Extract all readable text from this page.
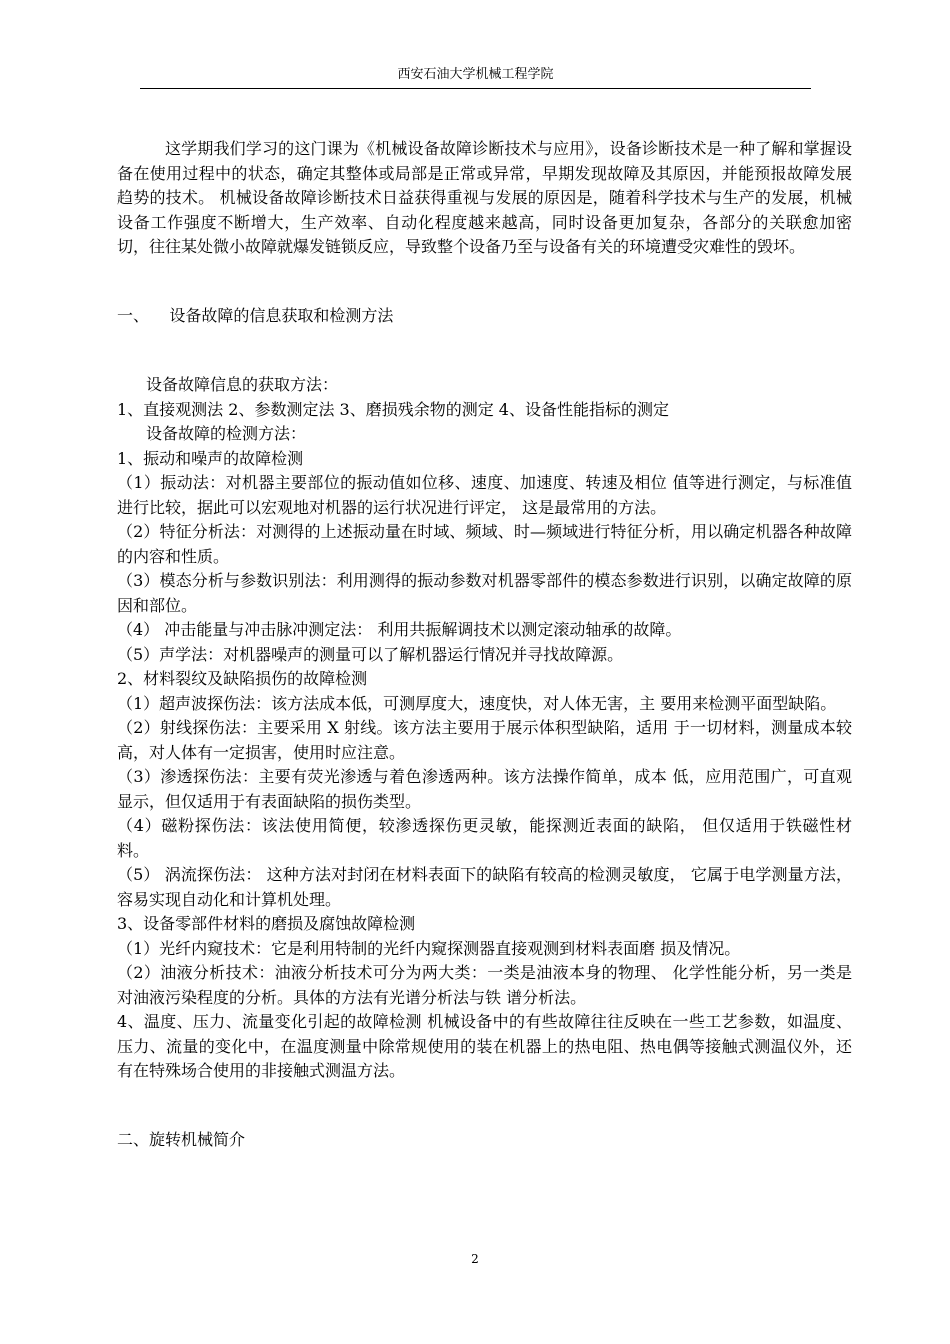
西安石油大学机械工程学院

这学期我们学习的这门课为《机械设备故障诊断技术与应用》，设备诊断技术是一种了解和掌握设备在使用过程中的状态，确定其整体或局部是正常或异常，早期发现故障及其原因，并能预报故障发展趋势的技术。 机械设备故障诊断技术日益获得重视与发展的原因是，随着科学技术与生产的发展，机械设备工作强度不断增大，生产效率、自动化程度越来越高，同时设备更加复杂，各部分的关联愈加密切，往往某处微小故障就爆发链锁反应，导致整个设备乃至与设备有关的环境遭受灾难性的毁坏。

一、    设备故障的信息获取和检测方法

设备故障信息的获取方法：

1、直接观测法 2、参数测定法 3、磨损残余物的测定 4、设备性能指标的测定

设备故障的检测方法：

1、振动和噪声的故障检测

（1）振动法：对机器主要部位的振动值如位移、速度、加速度、转速及相位 值等进行测定，与标准值进行比较，据此可以宏观地对机器的运行状况进行评定， 这是最常用的方法。

（2）特征分析法：对测得的上述振动量在时域、频域、时—频域进行特征分析，用以确定机器各种故障的内容和性质。

（3）模态分析与参数识别法：利用测得的振动参数对机器零部件的模态参数进行识别，以确定故障的原因和部位。

（4） 冲击能量与冲击脉冲测定法： 利用共振解调技术以测定滚动轴承的故障。

（5）声学法：对机器噪声的测量可以了解机器运行情况并寻找故障源。

2、材料裂纹及缺陷损伤的故障检测

（1）超声波探伤法：该方法成本低，可测厚度大，速度快，对人体无害，主 要用来检测平面型缺陷。

（2）射线探伤法：主要采用 X 射线。该方法主要用于展示体积型缺陷，适用 于一切材料，测量成本较高，对人体有一定损害，使用时应注意。

（3）渗透探伤法：主要有荧光渗透与着色渗透两种。该方法操作简单，成本 低，应用范围广，可直观显示，但仅适用于有表面缺陷的损伤类型。

（4）磁粉探伤法：该法使用简便，较渗透探伤更灵敏，能探测近表面的缺陷， 但仅适用于铁磁性材料。

（5） 涡流探伤法： 这种方法对封闭在材料表面下的缺陷有较高的检测灵敏度， 它属于电学测量方法，容易实现自动化和计算机处理。

3、设备零部件材料的磨损及腐蚀故障检测

（1）光纤内窥技术：它是利用特制的光纤内窥探测器直接观测到材料表面磨 损及情况。

（2）油液分析技术：油液分析技术可分为两大类：一类是油液本身的物理、 化学性能分析，另一类是对油液污染程度的分析。具体的方法有光谱分析法与铁 谱分析法。

4、温度、压力、流量变化引起的故障检测 机械设备中的有些故障往往反映在一些工艺参数，如温度、压力、流量的变化中，在温度测量中除常规使用的装在机器上的热电阻、热电偶等接触式测温仪外，还有在特殊场合使用的非接触式测温方法。

二、旋转机械简介

2
